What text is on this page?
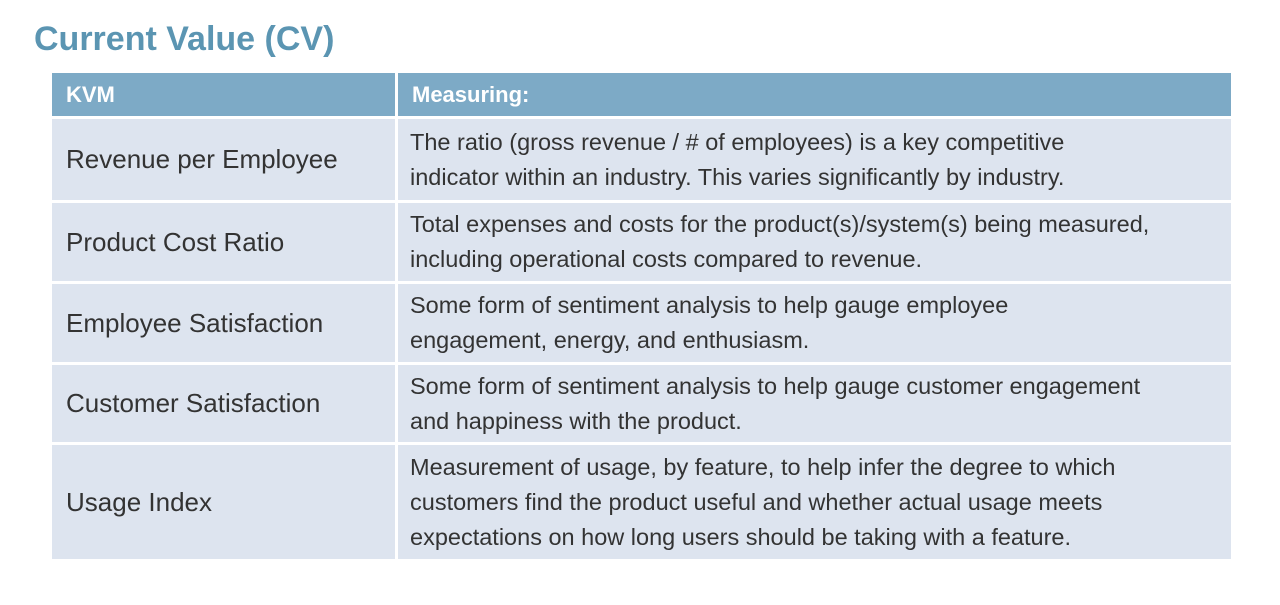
Current Value (CV)
KVM	Measuring:
Revenue per Employee	The ratio (gross revenue / # of employees) is a key competitive
indicator within an industry. This varies significantly by industry.
Product Cost Ratio	Total expenses and costs for the product(s)/system(s) being measured,
including operational costs compared to revenue.
Employee Satisfaction	Some form of sentiment analysis to help gauge employee
engagement, energy, and enthusiasm.
Customer Satisfaction	Some form of sentiment analysis to help gauge customer engagement
and happiness with the product.
Usage Index	Measurement of usage, by feature, to help infer the degree to which
customers find the product useful and whether actual usage meets
expectations on how long users should be taking with a feature.
